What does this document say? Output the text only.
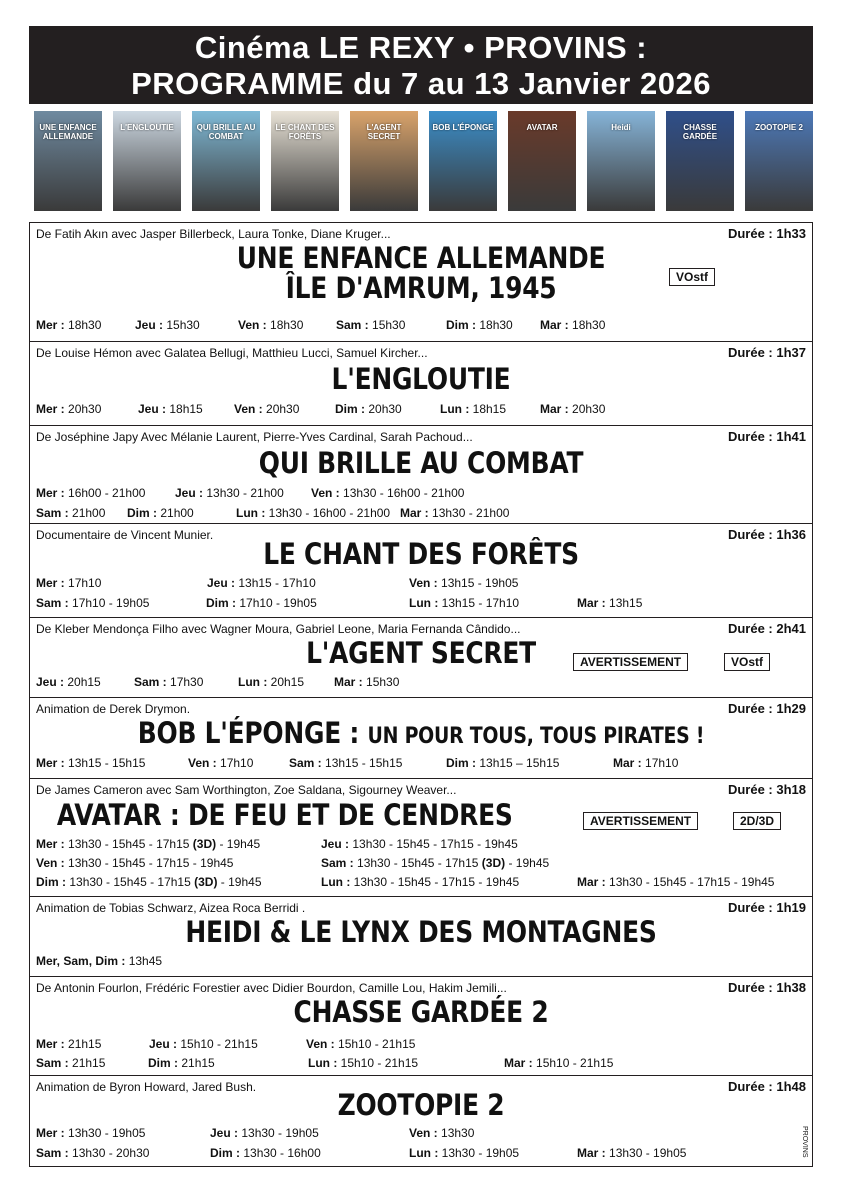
Cinéma LE REXY • PROVINS :
PROGRAMME du 7 au 13 Janvier 2026
UNE ENFANCE ALLEMANDE
L'ENGLOUTIE	QUI BRILLE AU COMBAT
LE CHANT DES FORÊTS
L'AGENT SECRET
BOB L'ÉPONGE	AVATAR	Heidi	CHASSE GARDÉE
ZOOTOPIE 2
De Fatih Akın avec Jasper Billerbeck, Laura Tonke, Diane Kruger...	Durée : 1h33
UNE ENFANCE ALLEMANDE
ÎLE D'AMRUM, 1945	VOstf
Mer : 18h30	Jeu : 15h30	Ven : 18h30	Sam : 15h30	Dim : 18h30 Mar : 18h30
De Louise Hémon avec Galatea Bellugi, Matthieu Lucci, Samuel Kircher...	Durée : 1h37
L'ENGLOUTIE
Mer : 20h30	Jeu : 18h15	Ven : 20h30	Dim : 20h30	Lun : 18h15	Mar : 20h30
De Joséphine Japy Avec Mélanie Laurent, Pierre-Yves Cardinal, Sarah Pachoud...	Durée : 1h41
QUI BRILLE AU COMBAT
Mer : 16h00 - 21h00 Jeu : 13h30 - 21h00 Ven : 13h30 - 16h00 - 21h00
Sam : 21h00 Dim : 21h00	Lun : 13h30 - 16h00 - 21h00 Mar : 13h30 - 21h00
Documentaire de Vincent Munier.	Durée : 1h36
LE CHANT DES FORÊTS
Mer : 17h10	Jeu : 13h15 - 17h10	Ven : 13h15 - 19h05
Sam : 17h10 - 19h05	Dim : 17h10 - 19h05	Lun : 13h15 - 17h10	Mar : 13h15
De Kleber Mendonça Filho avec Wagner Moura, Gabriel Leone, Maria Fernanda Cândido...	Durée : 2h41
L'AGENT SECRET	AVERTISSEMENT	VOstf
Jeu : 20h15	Sam : 17h30	Lun : 20h15 Mar : 15h30
Animation de Derek Drymon.	Durée : 1h29
BOB L'ÉPONGE : UN POUR TOUS, TOUS PIRATES !
Mer : 13h15 - 15h15	Ven : 17h10	Sam : 13h15 - 15h15	Dim : 13h15 – 15h15	Mar : 17h10
De James Cameron avec Sam Worthington, Zoe Saldana, Sigourney Weaver...	Durée : 3h18
AVATAR : DE FEU ET DE CENDRES	AVERTISSEMENT	2D/3D
Mer : 13h30 - 15h45 - 17h15 (3D) - 19h45	Jeu : 13h30 - 15h45 - 17h15 - 19h45
Ven : 13h30 - 15h45 - 17h15 - 19h45	Sam : 13h30 - 15h45 - 17h15 (3D) - 19h45
Dim : 13h30 - 15h45 - 17h15 (3D) - 19h45	Lun : 13h30 - 15h45 - 17h15 - 19h45	Mar : 13h30 - 15h45 - 17h15 - 19h45
Animation de Tobias Schwarz, Aizea Roca Berridi .	Durée : 1h19
HEIDI & LE LYNX DES MONTAGNES
Mer, Sam, Dim : 13h45
De Antonin Fourlon, Frédéric Forestier avec Didier Bourdon, Camille Lou, Hakim Jemili...	Durée : 1h38
CHASSE GARDÉE 2
Mer : 21h15	Jeu : 15h10 - 21h15	Ven : 15h10 - 21h15
Sam : 21h15	Dim : 21h15	Lun : 15h10 - 21h15	Mar : 15h10 - 21h15
Animation de Byron Howard, Jared Bush.	Durée : 1h48
ZOOTOPIE 2
Mer : 13h30 - 19h05	Jeu : 13h30 - 19h05	Ven : 13h30
Sam : 13h30 - 20h30	Dim : 13h30 - 16h00	Lun : 13h30 - 19h05	Mar : 13h30 - 19h05	PROVINS
